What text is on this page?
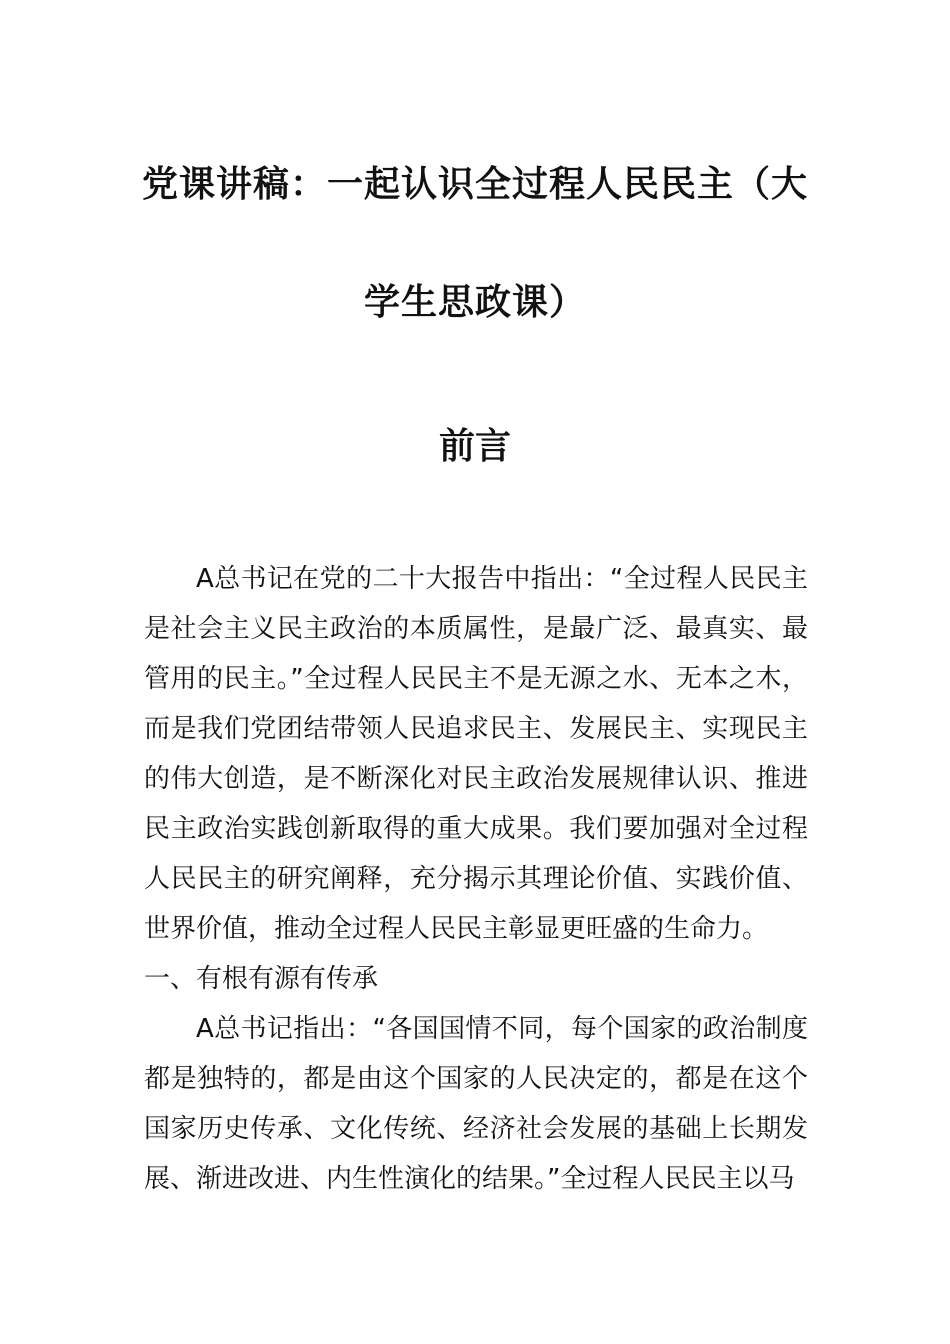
党课讲稿：一起认识全过程人民民主（大
学生思政课）
前言

A总书记在党的二十大报告中指出：“全过程人民民主是社会主义民主政治的本质属性，是最广泛、最真实、最管用的民主。”全过程人民民主不是无源之水、无本之木，而是我们党团结带领人民追求民主、发展民主、实现民主的伟大创造，是不断深化对民主政治发展规律认识、推进民主政治实践创新取得的重大成果。我们要加强对全过程人民民主的研究阐释，充分揭示其理论价值、实践价值、世界价值，推动全过程人民民主彰显更旺盛的生命力。

一、有根有源有传承

A总书记指出：“各国国情不同，每个国家的政治制度都是独特的，都是由这个国家的人民决定的，都是在这个国家历史传承、文化传统、经济社会发展的基础上长期发展、渐进改进、内生性演化的结果。”全过程人民民主以马
